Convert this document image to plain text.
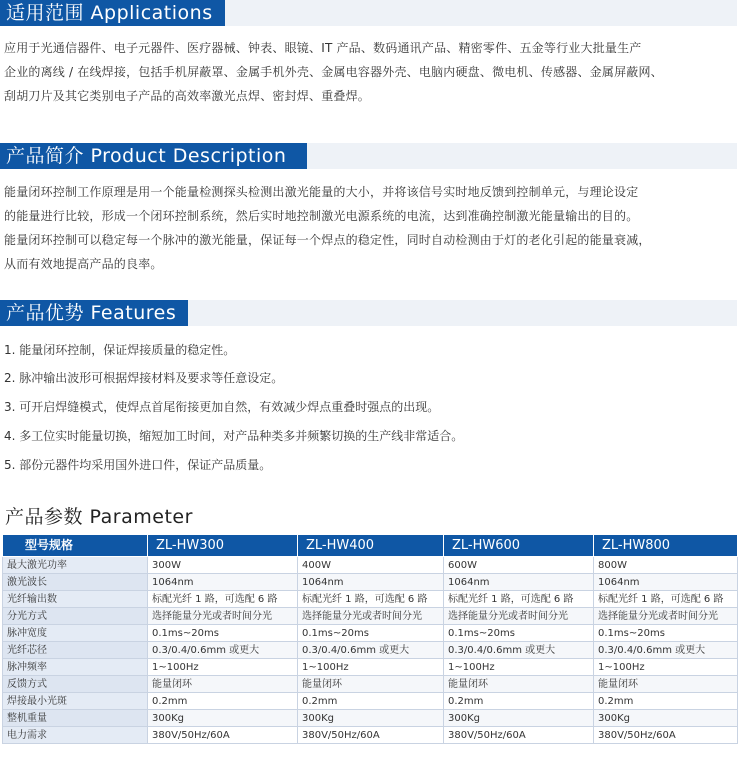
适用范围 Applications
应用于光通信器件、电子元器件、医疗器械、钟表、眼镜、IT 产品、数码通讯产品、精密零件、五金等行业大批量生产
企业的离线 / 在线焊接，包括手机屏蔽罩、金属手机外壳、金属电容器外壳、电脑内硬盘、微电机、传感器、金属屏蔽网、
刮胡刀片及其它类别电子产品的高效率激光点焊、密封焊、重叠焊。
产品简介 Product Description
能量闭环控制工作原理是用一个能量检测探头检测出激光能量的大小，并将该信号实时地反馈到控制单元，与理论设定
的能量进行比较，形成一个闭环控制系统，然后实时地控制激光电源系统的电流，达到准确控制激光能量输出的目的。
能量闭环控制可以稳定每一个脉冲的激光能量，保证每一个焊点的稳定性，同时自动检测由于灯的老化引起的能量衰减，
从而有效地提高产品的良率。
产品优势 Features
1. 能量闭环控制，保证焊接质量的稳定性。
2. 脉冲输出波形可根据焊接材料及要求等任意设定。
3. 可开启焊缝模式，使焊点首尾衔接更加自然，有效减少焊点重叠时强点的出现。
4. 多工位实时能量切换，缩短加工时间，对产品种类多并频繁切换的生产线非常适合。
5. 部份元器件均采用国外进口件，保证产品质量。
产品参数 Parameter
型号规格	ZL-HW300	ZL-HW400	ZL-HW600	ZL-HW800
最大激光功率	300W	400W	600W	800W
激光波长	1064nm	1064nm	1064nm	1064nm
光纤输出数	标配光纤 1 路，可选配 6 路	标配光纤 1 路，可选配 6 路	标配光纤 1 路，可选配 6 路	标配光纤 1 路，可选配 6 路
分光方式	选择能量分光或者时间分光	选择能量分光或者时间分光	选择能量分光或者时间分光	选择能量分光或者时间分光
脉冲宽度	0.1ms~20ms	0.1ms~20ms	0.1ms~20ms	0.1ms~20ms
光纤芯径	0.3/0.4/0.6mm 或更大	0.3/0.4/0.6mm 或更大	0.3/0.4/0.6mm 或更大	0.3/0.4/0.6mm 或更大
脉冲频率	1~100Hz	1~100Hz	1~100Hz	1~100Hz
反馈方式	能量闭环	能量闭环	能量闭环	能量闭环
焊接最小光斑	0.2mm	0.2mm	0.2mm	0.2mm
整机重量	300Kg	300Kg	300Kg	300Kg
电力需求	380V/50Hz/60A	380V/50Hz/60A	380V/50Hz/60A	380V/50Hz/60A
